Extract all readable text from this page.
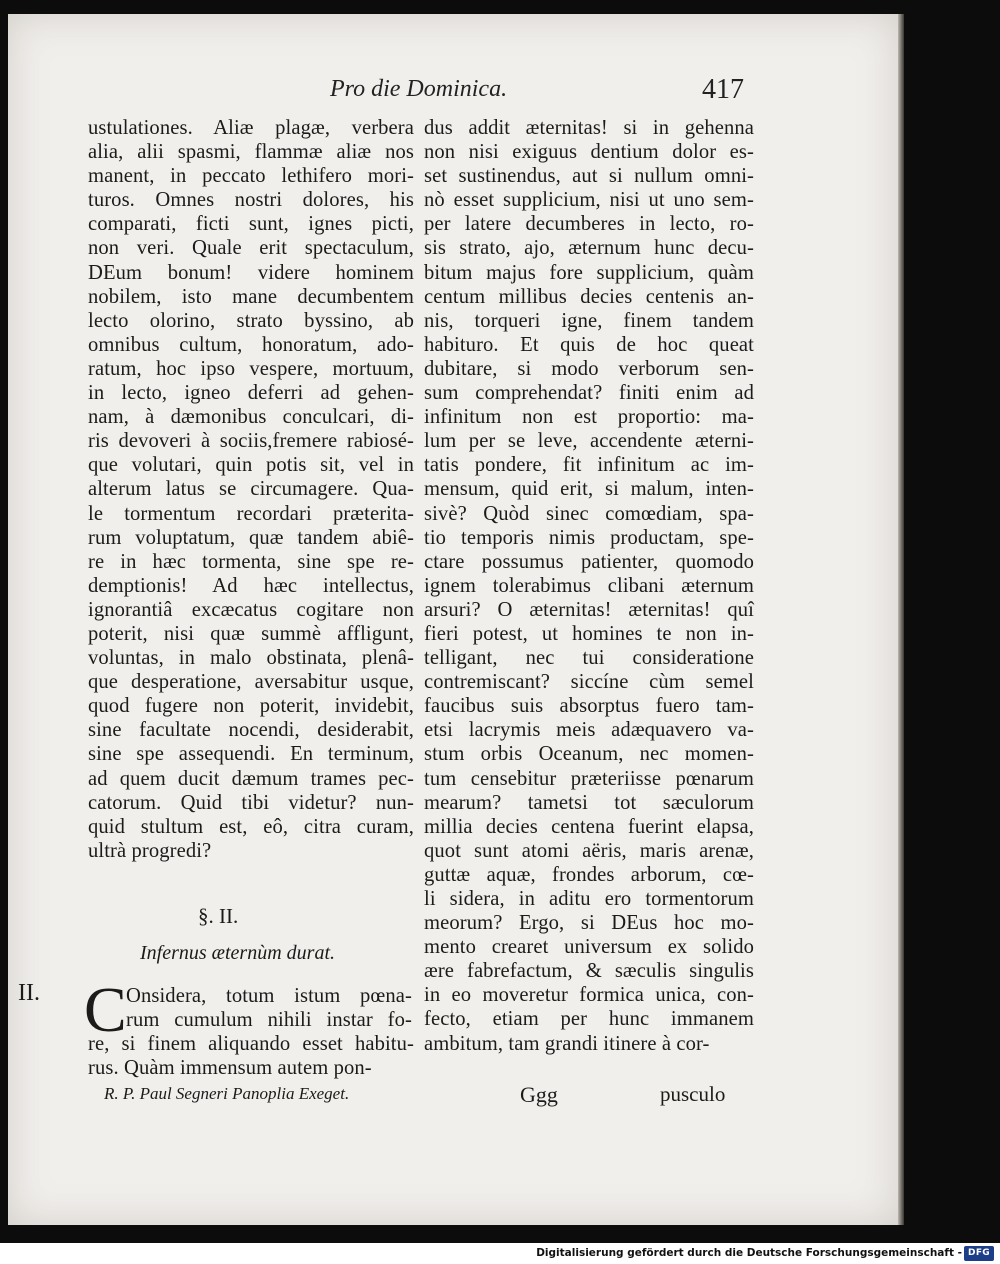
Pro die Dominica.	417
ustulationes. Aliæ plagæ, verbera
alia, alii spasmi, flammæ aliæ nos
manent, in peccato lethifero mori-
turos. Omnes nostri dolores, his
comparati, ficti sunt, ignes picti,
non veri. Quale erit spectaculum,
DEum bonum! videre hominem
nobilem, isto mane decumbentem
lecto olorino, strato byssino, ab
omnibus cultum, honoratum, ado-
ratum, hoc ipso vespere, mortuum,
in lecto, igneo deferri ad gehen-
nam, à dæmonibus conculcari, di-
ris devoveri à sociis,fremere rabiosé-
que volutari, quin potis sit, vel in
alterum latus se circumagere. Qua-
le tormentum recordari præterita-
rum voluptatum, quæ tandem abiê-
re in hæc tormenta, sine spe re-
demptionis! Ad hæc intellectus,
ignorantiâ excæcatus cogitare non
poterit, nisi quæ summè affligunt,
voluntas, in malo obstinata, plenâ-
que desperatione, aversabitur usque,
quod fugere non poterit, invidebit,
sine facultate nocendi, desiderabit,
sine spe assequendi. En terminum,
ad quem ducit dæmum trames pec-
catorum. Quid tibi videtur? nun-
quid stultum est, eô, citra curam,
ultrà progredi?
dus addit æternitas! si in gehenna
non nisi exiguus dentium dolor es-
set sustinendus, aut si nullum omni-
nò esset supplicium, nisi ut uno sem-
per latere decumberes in lecto, ro-
sis strato, ajo, æternum hunc decu-
bitum majus fore supplicium, quàm
centum millibus decies centenis an-
nis, torqueri igne, finem tandem
habituro. Et quis de hoc queat
dubitare, si modo verborum sen-
sum comprehendat? finiti enim ad
infinitum non est proportio: ma-
lum per se leve, accendente æterni-
tatis pondere, fit infinitum ac im-
mensum, quid erit, si malum, inten-
sivè? Quòd sinec comœdiam, spa-
tio temporis nimis productam, spe-
ctare possumus patienter, quomodo
ignem tolerabimus clibani æternum
arsuri? O æternitas! æternitas! quî
fieri potest, ut homines te non in-
telligant, nec tui consideratione
contremiscant? siccíne cùm semel
faucibus suis absorptus fuero tam-
etsi lacrymis meis adæquavero va-
stum orbis Oceanum, nec momen-
tum censebitur præteriisse pœnarum
mearum? tametsi tot sæculorum
millia decies centena fuerint elapsa,
quot sunt atomi aëris, maris arenæ,
guttæ aquæ, frondes arborum, cœ-
li sidera, in aditu ero tormentorum
meorum? Ergo, si DEus hoc mo-
mento crearet universum ex solido
ære fabrefactum, & sæculis singulis
in eo moveretur formica unica, con-
fecto, etiam per hunc immanem
ambitum, tam grandi itinere à cor-
§. II.
Infernus æternùm durat.
II. C Onsidera, totum istum pœna-
rum cumulum nihili instar fo-
re, si finem aliquando esset habitu-
rus. Quàm immensum autem pon-
R. P. Paul Segneri Panoplia Exeget.	Ggg	pusculo
Digitalisierung gefördert durch die Deutsche Forschungsgemeinschaft - DFG
